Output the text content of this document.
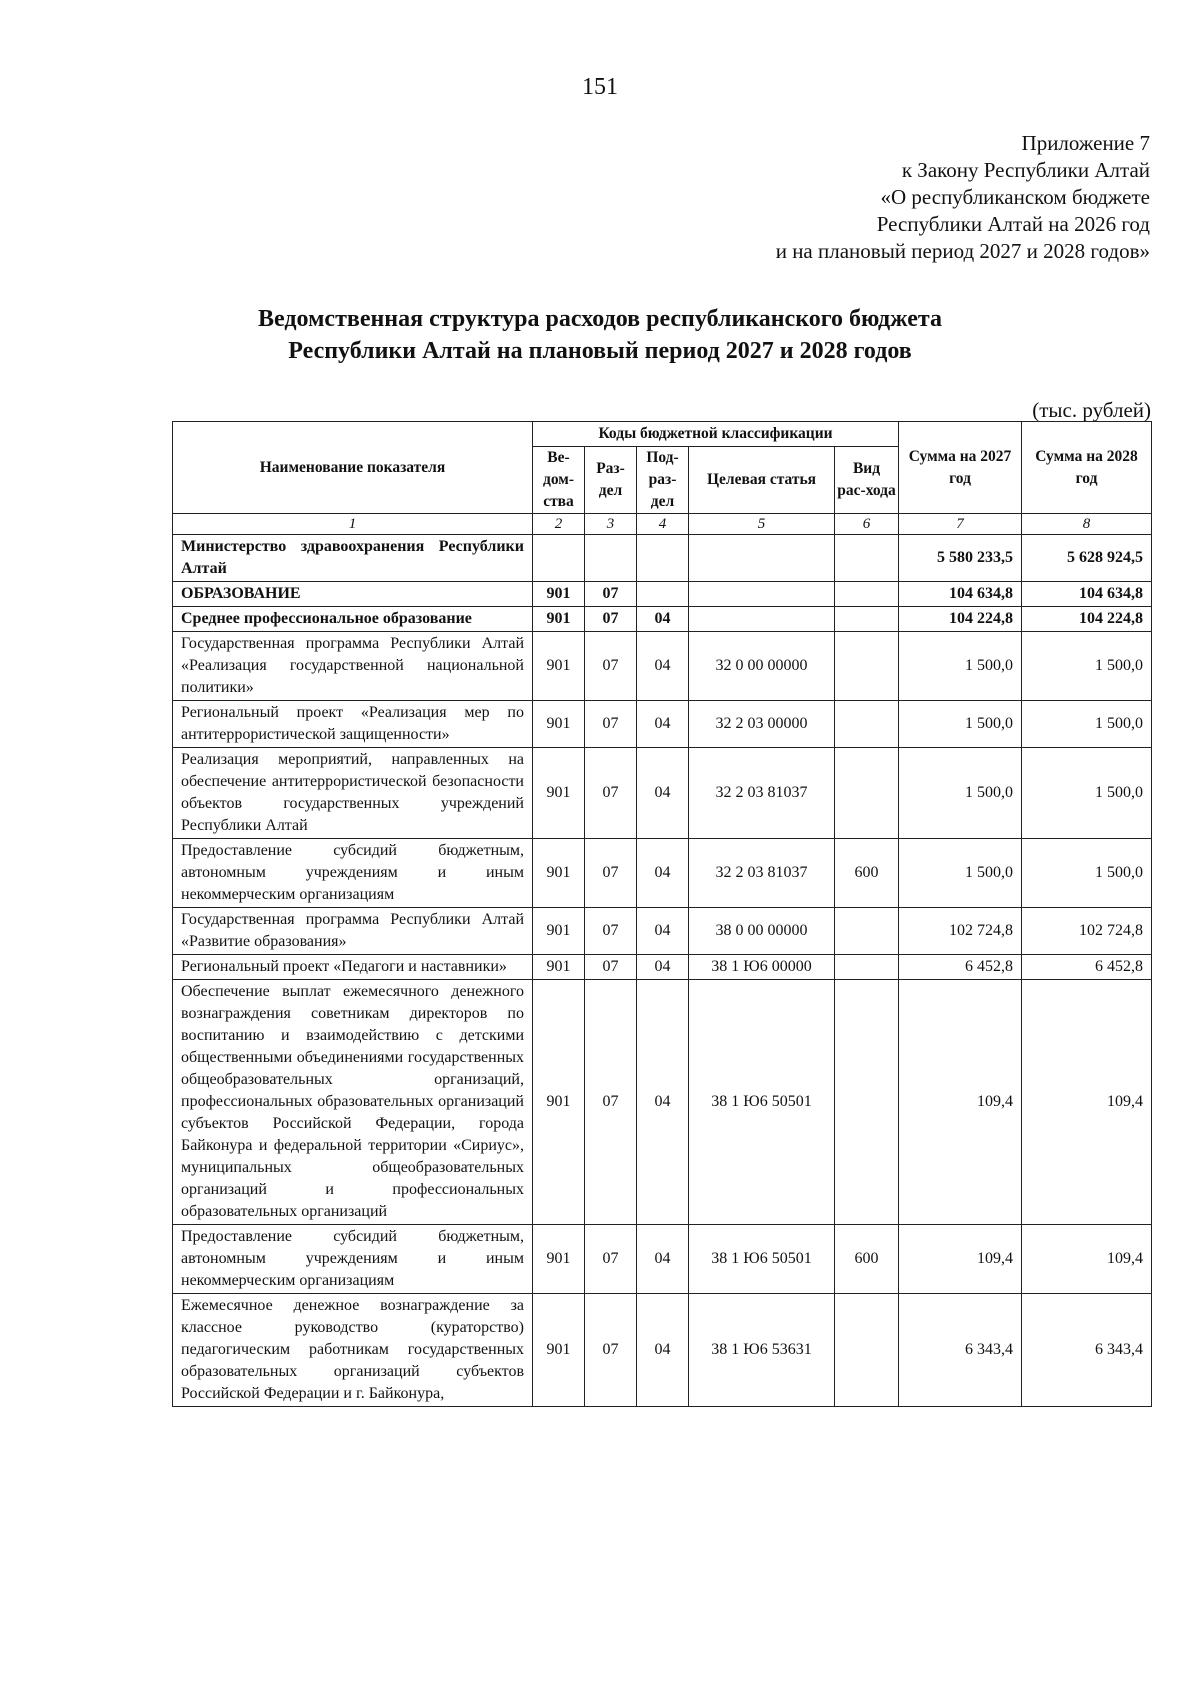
151
Приложение 7
к Закону Республики Алтай
«О республиканском бюджете
Республики Алтай на 2026 год
и на плановый период 2027 и 2028 годов»
Ведомственная структура расходов республиканского бюджета
Республики Алтай на плановый период 2027 и 2028 годов
(тыс. рублей)
Наименование показателя	Коды бюджетной классификации					Сумма на 2027 год	Сумма на 2028 год
	Ве-дом-ства	Раз-дел	Под-раз-дел	Целевая статья	Вид рас-хода		
1	2	3	4	5	6	7	8
Министерство здравоохранения Республики Алтай						5 580 233,5	5 628 924,5
ОБРАЗОВАНИЕ	901	07				104 634,8	104 634,8
Среднее профессиональное образование	901	07	04			104 224,8	104 224,8
Государственная программа Республики Алтай «Реализация государственной национальной политики»	901	07	04	32 0 00 00000		1 500,0	1 500,0
Региональный проект «Реализация мер по антитеррористической защищенности»	901	07	04	32 2 03 00000		1 500,0	1 500,0
Реализация мероприятий, направленных на обеспечение антитеррористической безопасности объектов государственных учреждений Республики Алтай	901	07	04	32 2 03 81037		1 500,0	1 500,0
Предоставление субсидий бюджетным, автономным учреждениям и иным некоммерческим организациям	901	07	04	32 2 03 81037	600	1 500,0	1 500,0
Государственная программа Республики Алтай «Развитие образования»	901	07	04	38 0 00 00000		102 724,8	102 724,8
Региональный проект «Педагоги и наставники»	901	07	04	38 1 Ю6 00000		6 452,8	6 452,8
Обеспечение выплат ежемесячного денежного вознаграждения советникам директоров по воспитанию и взаимодействию с детскими общественными объединениями государственных общеобразовательных организаций, профессиональных образовательных организаций субъектов Российской Федерации, города Байконура и федеральной территории «Сириус», муниципальных общеобразовательных организаций и профессиональных образовательных организаций	901	07	04	38 1 Ю6 50501		109,4	109,4
Предоставление субсидий бюджетным, автономным учреждениям и иным некоммерческим организациям	901	07	04	38 1 Ю6 50501	600	109,4	109,4
Ежемесячное денежное вознаграждение за классное руководство (кураторство) педагогическим работникам государственных образовательных организаций субъектов Российской Федерации и г. Байконура,	901	07	04	38 1 Ю6 53631		6 343,4	6 343,4
